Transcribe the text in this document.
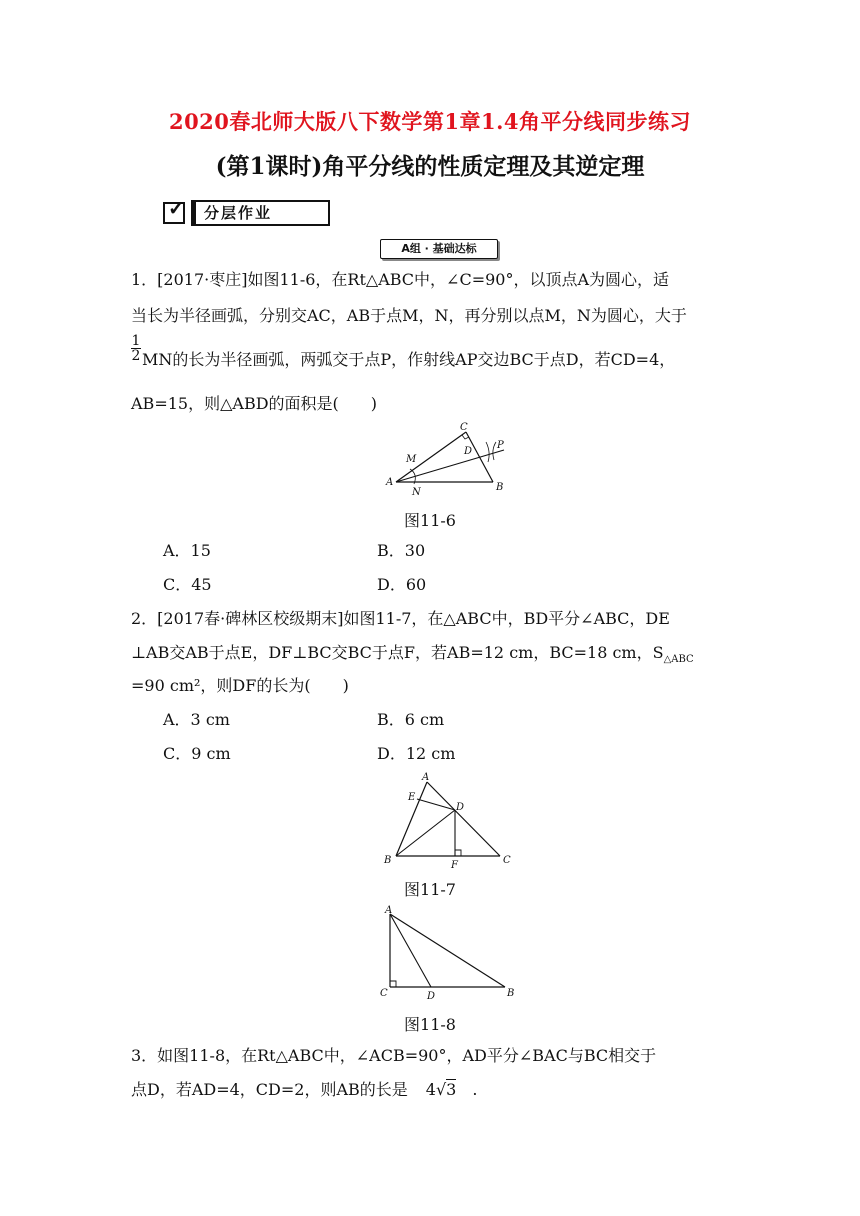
2020春北师大版八下数学第1章1.4角平分线同步练习
(第1课时)角平分线的性质定理及其逆定理
✓	分层作业
A组 · 基础达标
1．[2017·枣庄]如图11-6，在Rt△ABC中，∠C=90°，以顶点A为圆心，适
当长为半径画弧，分别交AC，AB于点M，N，再分别以点M，N为圆心，大于
1
2 MN的长为半径画弧，两弧交于点P，作射线AP交边BC于点D，若CD=4，
AB=15，则△ABD的面积是(　　)
A	B
C
D
M
N
P
图11-6
A．15	B．30
C．45	D．60
2．[2017春·碑林区校级期末]如图11-7，在△ABC中，BD平分∠ABC，DE
⊥AB交AB于点E，DF⊥BC交BC于点F，若AB=12 cm，BC=18 cm，$S_{\triangle ABC}$
=90 cm²，则DF的长为(　　)
A．3 cm	B．6 cm
C．9 cm	D．12 cm
A
B	C
D
E
F
图11-7
A
B
C	D
图11-8
3．如图11-8，在Rt△ABC中，∠ACB=90°，AD平分∠BAC与BC相交于
点D，若AD=4，CD=2，则AB的长是 4√3 .
